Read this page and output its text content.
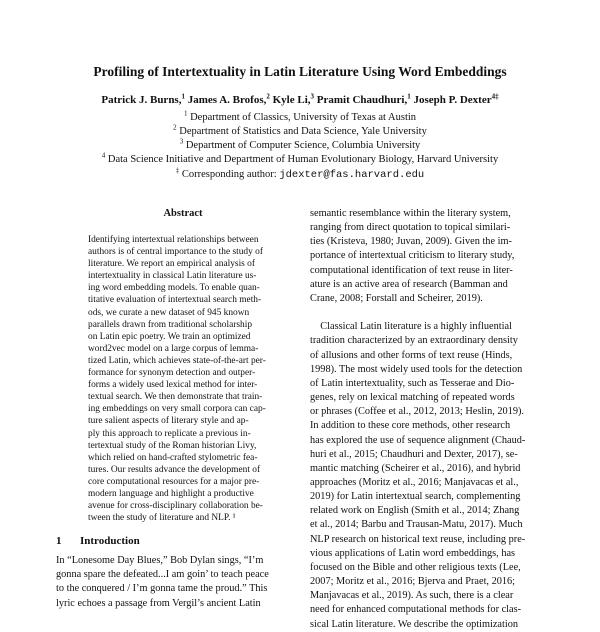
Profiling of Intertextuality in Latin Literature Using Word Embeddings
Patrick J. Burns,$^1$ James A. Brofos,$^2$ Kyle Li,$^3$ Pramit Chaudhuri,$^1$ Joseph P. Dexter$^{4\ddagger}$
$^1$ Department of Classics, University of Texas at Austin
$^2$ Department of Statistics and Data Science, Yale University
$^3$ Department of Computer Science, Columbia University
$^4$ Data Science Initiative and Department of Human Evolutionary Biology, Harvard University
‡ Corresponding author: jdexter@fas.harvard.edu
Abstract
Identifying intertextual relationships between
authors is of central importance to the study of
literature. We report an empirical analysis of
intertextuality in classical Latin literature us-
ing word embedding models. To enable quan-
titative evaluation of intertextual search meth-
ods, we curate a new dataset of 945 known
parallels drawn from traditional scholarship
on Latin epic poetry. We train an optimized
word2vec model on a large corpus of lemma-
tized Latin, which achieves state-of-the-art per-
formance for synonym detection and outper-
forms a widely used lexical method for inter-
textual search. We then demonstrate that train-
ing embeddings on very small corpora can cap-
ture salient aspects of literary style and ap-
ply this approach to replicate a previous in-
tertextual study of the Roman historian Livy,
which relied on hand-crafted stylometric fea-
tures. Our results advance the development of
core computational resources for a major pre-
modern language and highlight a productive
avenue for cross-disciplinary collaboration be-
tween the study of literature and NLP. ¹
1 Introduction
In “Lonesome Day Blues,” Bob Dylan sings, “I’m
gonna spare the defeated...I am goin’ to teach peace
to the conquered / I’m gonna tame the proud.” This
lyric echoes a passage from Vergil’s ancient Latin
semantic resemblance within the literary system,
ranging from direct quotation to topical similari-
ties (Kristeva, 1980; Juvan, 2009). Given the im-
portance of intertextual criticism to literary study,
computational identification of text reuse in liter-
ature is an active area of research (Bamman and
Crane, 2008; Forstall and Scheirer, 2019).

Classical Latin literature is a highly influential
tradition characterized by an extraordinary density
of allusions and other forms of text reuse (Hinds,
1998). The most widely used tools for the detection
of Latin intertextuality, such as Tesserae and Dio-
genes, rely on lexical matching of repeated words
or phrases (Coffee et al., 2012, 2013; Heslin, 2019).
In addition to these core methods, other research
has explored the use of sequence alignment (Chaud-
huri et al., 2015; Chaudhuri and Dexter, 2017), se-
mantic matching (Scheirer et al., 2016), and hybrid
approaches (Moritz et al., 2016; Manjavacas et al.,
2019) for Latin intertextual search, complementing
related work on English (Smith et al., 2014; Zhang
et al., 2014; Barbu and Trausan-Matu, 2017). Much
NLP research on historical text reuse, including pre-
vious applications of Latin word embeddings, has
focused on the Bible and other religious texts (Lee,
2007; Moritz et al., 2016; Bjerva and Praet, 2016;
Manjavacas et al., 2019). As such, there is a clear
need for enhanced computational methods for clas-
sical Latin literature. We describe the optimization
